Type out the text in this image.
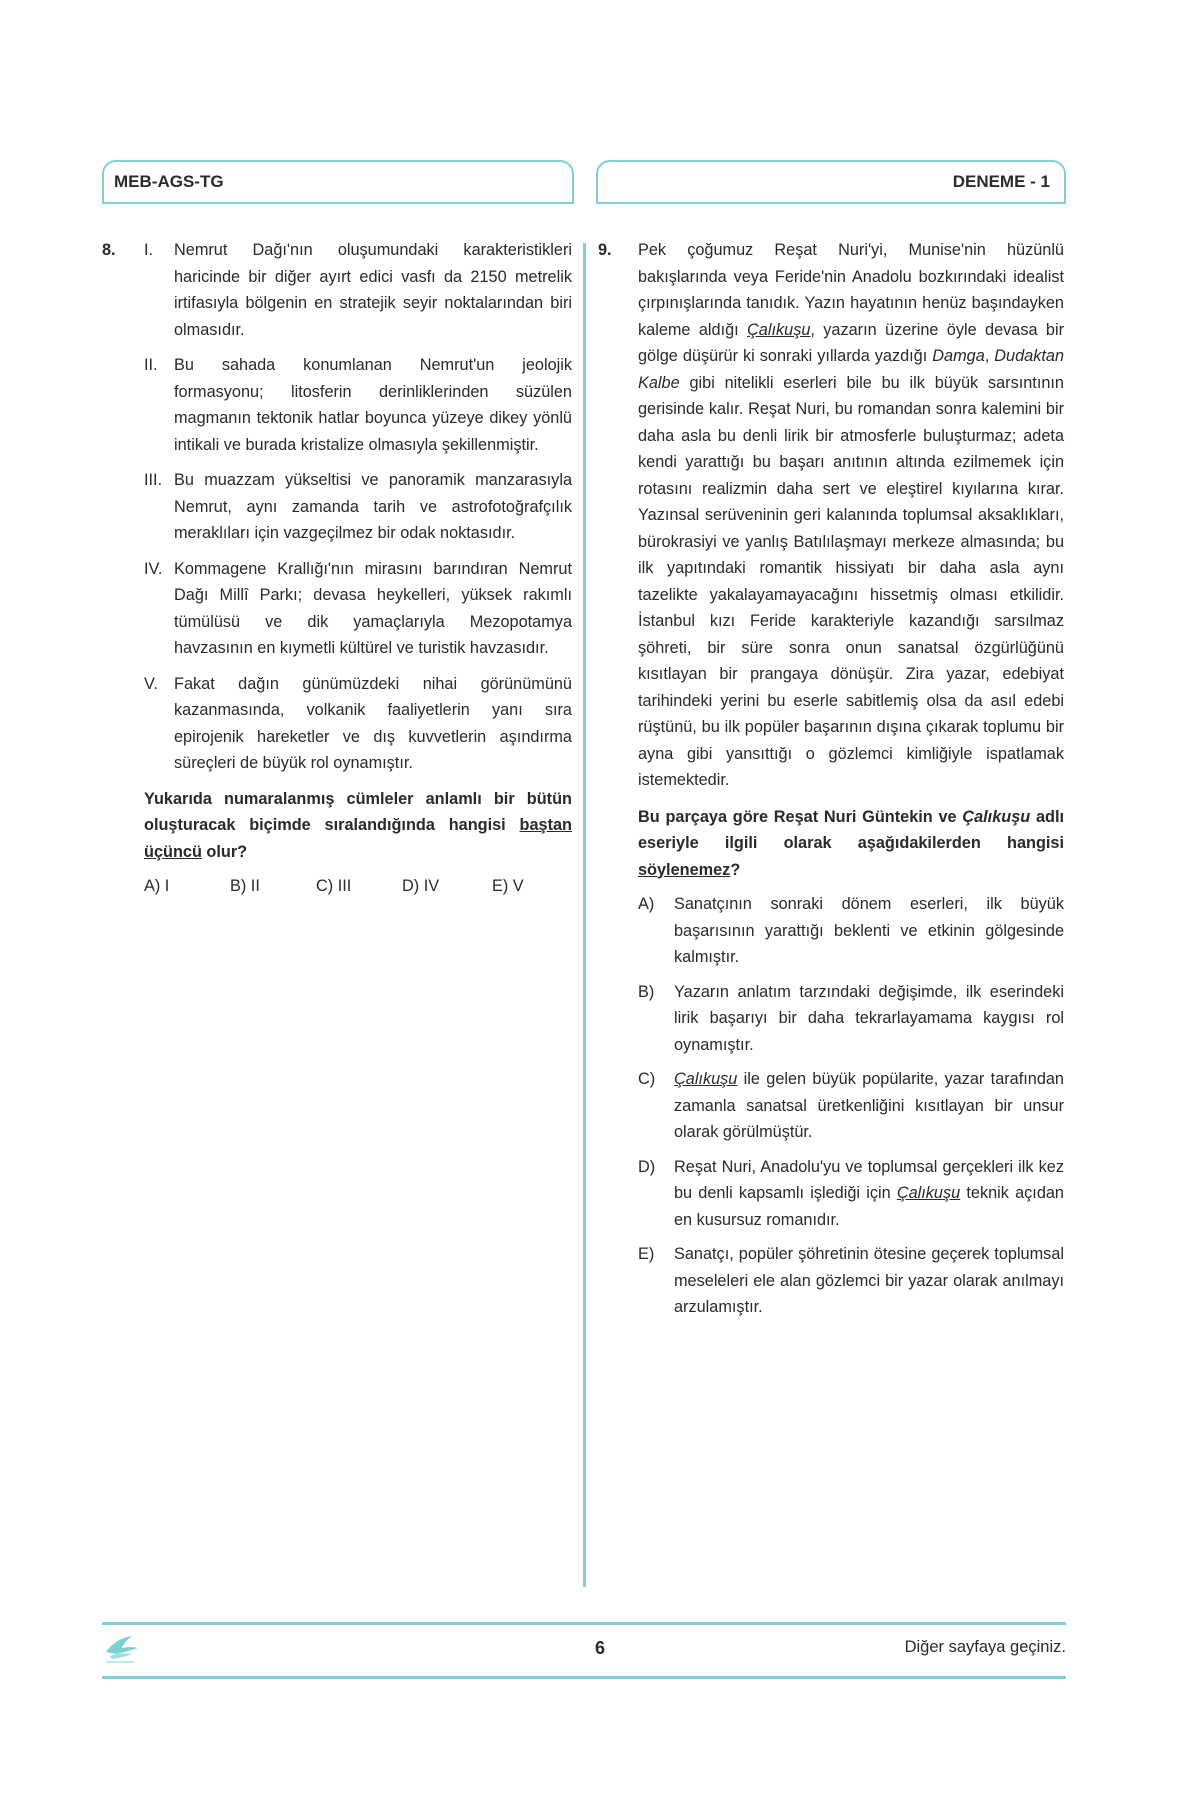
MEB-AGS-TG	DENEME - 1
8. I. Nemrut Dağı'nın oluşumundaki karakteristikleri haricinde bir diğer ayırt edici vasfı da 2150 metrelik irtifasıyla bölgenin en stratejik seyir noktalarından biri olmasıdır.
II. Bu sahada konumlanan Nemrut'un jeolojik formasyonu; litosferin derinliklerinden süzülen magmanın tektonik hatlar boyunca yüzeye dikey yönlü intikali ve burada kristalize olmasıyla şekillenmiştir.
III. Bu muazzam yükseltisi ve panoramik manzarasıyla Nemrut, aynı zamanda tarih ve astrofotoğrafçılık meraklıları için vazgeçilmez bir odak noktasıdır.
IV. Kommagene Krallığı'nın mirasını barındıran Nemrut Dağı Millî Parkı; devasa heykelleri, yüksek rakımlı tümülüsü ve dik yamaçlarıyla Mezopotamya havzasının en kıymetli kültürel ve turistik havzasıdır.
V. Fakat dağın günümüzdeki nihai görünümünü kazanmasında, volkanik faaliyetlerin yanı sıra epirojenik hareketler ve dış kuvvetlerin aşındırma süreçleri de büyük rol oynamıştır.
Yukarıda numaralanmış cümleler anlamlı bir bütün oluşturacak biçimde sıralandığında hangisi baştan üçüncü olur?
A) I	B) II	C) III	D) IV	E) V
9. Pek çoğumuz Reşat Nuri'yi, Munise'nin hüzünlü bakışlarında veya Feride'nin Anadolu bozkırındaki idealist çırpınışlarında tanıdık. Yazın hayatının henüz başındayken kaleme aldığı Çalıkuşu, yazarın üzerine öyle devasa bir gölge düşürür ki sonraki yıllarda yazdığı Damga, Dudaktan Kalbe gibi nitelikli eserleri bile bu ilk büyük sarsıntının gerisinde kalır. Reşat Nuri, bu romandan sonra kalemini bir daha asla bu denli lirik bir atmosferle buluşturmaz; adeta kendi yarattığı bu başarı anıtının altında ezilmemek için rotasını realizmin daha sert ve eleştirel kıyılarına kırar. Yazınsal serüveninin geri kalanında toplumsal aksaklıkları, bürokrasiyi ve yanlış Batılılaşmayı merkeze almasında; bu ilk yapıtındaki romantik hissiyatı bir daha asla aynı tazelikte yakalayamayacağını hissetmiş olması etkilidir. İstanbul kızı Feride karakteriyle kazandığı sarsılmaz şöhreti, bir süre sonra onun sanatsal özgürlüğünü kısıtlayan bir prangaya dönüşür. Zira yazar, edebiyat tarihindeki yerini bu eserle sabitlemiş olsa da asıl edebi rüştünü, bu ilk popüler başarının dışına çıkarak toplumu bir ayna gibi yansıttığı o gözlemci kimliğiyle ispatlamak istemektedir.
Bu parçaya göre Reşat Nuri Güntekin ve Çalıkuşu adlı eseriyle ilgili olarak aşağıdakilerden hangisi söylenemez?
A) Sanatçının sonraki dönem eserleri, ilk büyük başarısının yarattığı beklenti ve etkinin gölgesinde kalmıştır.
B) Yazarın anlatım tarzındaki değişimde, ilk eserindeki lirik başarıyı bir daha tekrarlayamama kaygısı rol oynamıştır.
C) Çalıkuşu ile gelen büyük popülarite, yazar tarafından zamanla sanatsal üretkenliğini kısıtlayan bir unsur olarak görülmüştür.
D) Reşat Nuri, Anadolu'yu ve toplumsal gerçekleri ilk kez bu denli kapsamlı işlediği için Çalıkuşu teknik açıdan en kusursuz romanıdır.
E) Sanatçı, popüler şöhretinin ötesine geçerek toplumsal meseleleri ele alan gözlemci bir yazar olarak anılmayı arzulamıştır.
6	Diğer sayfaya geçiniz.
